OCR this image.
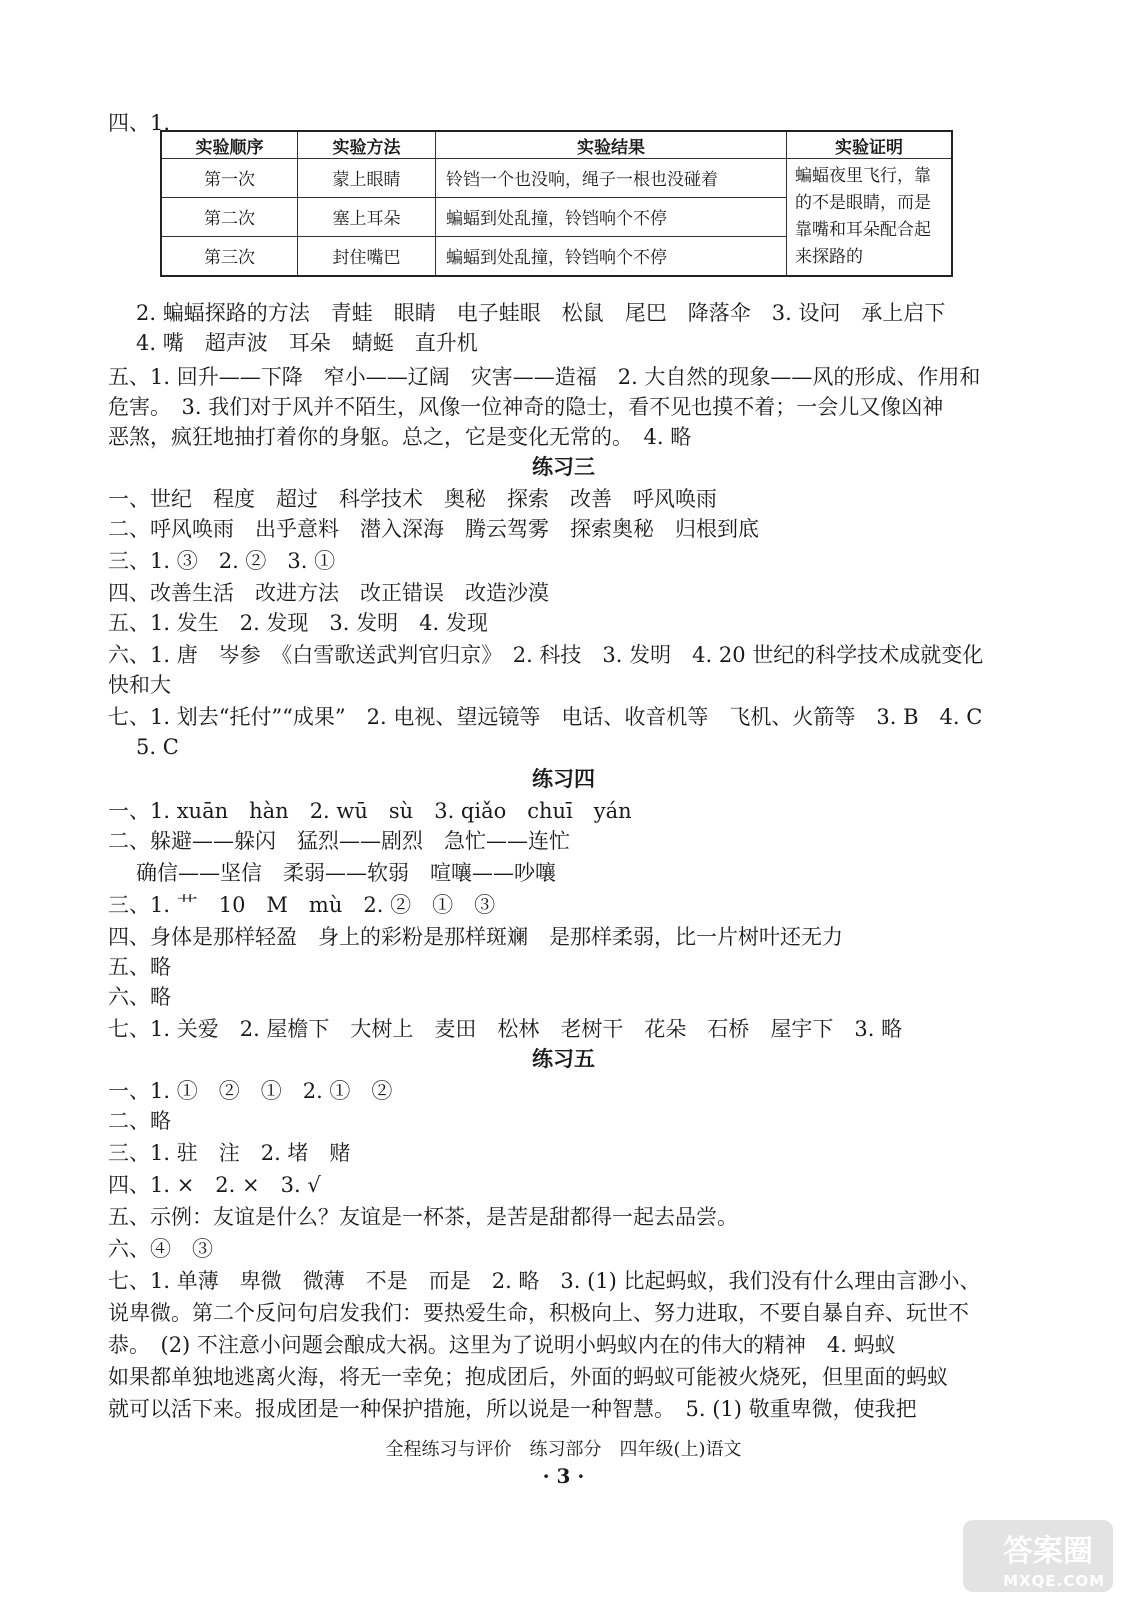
四、1.
实验顺序	实验方法	实验结果	实验证明
第一次	蒙上眼睛	铃铛一个也没响，绳子一根也没碰着	蝙蝠夜里飞行，靠的不是眼睛，而是靠嘴和耳朵配合起来探路的
第二次	塞上耳朵	蝙蝠到处乱撞，铃铛响个不停	
第三次	封住嘴巴	蝙蝠到处乱撞，铃铛响个不停	
2. 蝙蝠探路的方法　青蛙　眼睛　电子蛙眼　松鼠　尾巴　降落伞　3. 设问　承上启下
4. 嘴　超声波　耳朵　蜻蜓　直升机
五、1. 回升——下降　窄小——辽阔　灾害——造福　2. 大自然的现象——风的形成、作用和
危害。　3. 我们对于风并不陌生，风像一位神奇的隐士，看不见也摸不着；一会儿又像凶神
恶煞，疯狂地抽打着你的身躯。总之，它是变化无常的。　4. 略
练习三
一、世纪　程度　超过　科学技术　奥秘　探索　改善　呼风唤雨
二、呼风唤雨　出乎意料　潜入深海　腾云驾雾　探索奥秘　归根到底
三、1. ③　2. ②　3. ①
四、改善生活　改进方法　改正错误　改造沙漠
五、1. 发生　2. 发现　3. 发明　4. 发现
六、1. 唐　岑参　《白雪歌送武判官归京》　2. 科技　3. 发明　4. 20 世纪的科学技术成就变化
快和大
七、1. 划去“托付”“成果”　2. 电视、望远镜等　电话、收音机等　飞机、火箭等　3. B　4. C
5. C
练习四
一、1. xuān　hàn　2. wū　sù　3. qiǎo　chuī　yán
二、躲避——躲闪　猛烈——剧烈　急忙——连忙
确信——坚信　柔弱——软弱　喧嚷——吵嚷
三、1. 艹　10　M　mù　2. ②　①　③
四、身体是那样轻盈　身上的彩粉是那样斑斓　是那样柔弱，比一片树叶还无力
五、略
六、略
七、1. 关爱　2. 屋檐下　大树上　麦田　松林　老树干　花朵　石桥　屋宇下　3. 略
练习五
一、1. ①　②　①　2. ①　②
二、略
三、1. 驻　注　2. 堵　赌
四、1. ×　2. ×　3. √
五、示例：友谊是什么？友谊是一杯茶，是苦是甜都得一起去品尝。
六、④　③
七、1. 单薄　卑微　微薄　不是　而是　2. 略　3. (1) 比起蚂蚁，我们没有什么理由言渺小、
说卑微。第二个反问句启发我们：要热爱生命，积极向上、努力进取，不要自暴自弃、玩世不
恭。　(2) 不注意小问题会酿成大祸。这里为了说明小蚂蚁内在的伟大的精神　4. 蚂蚁
如果都单独地逃离火海，将无一幸免；抱成团后，外面的蚂蚁可能被火烧死，但里面的蚂蚁
就可以活下来。报成团是一种保护措施，所以说是一种智慧。　5. (1) 敬重卑微，使我把
全程练习与评价　练习部分　四年级(上)语文
· 3 ·
答案圈
MXQE.COM
